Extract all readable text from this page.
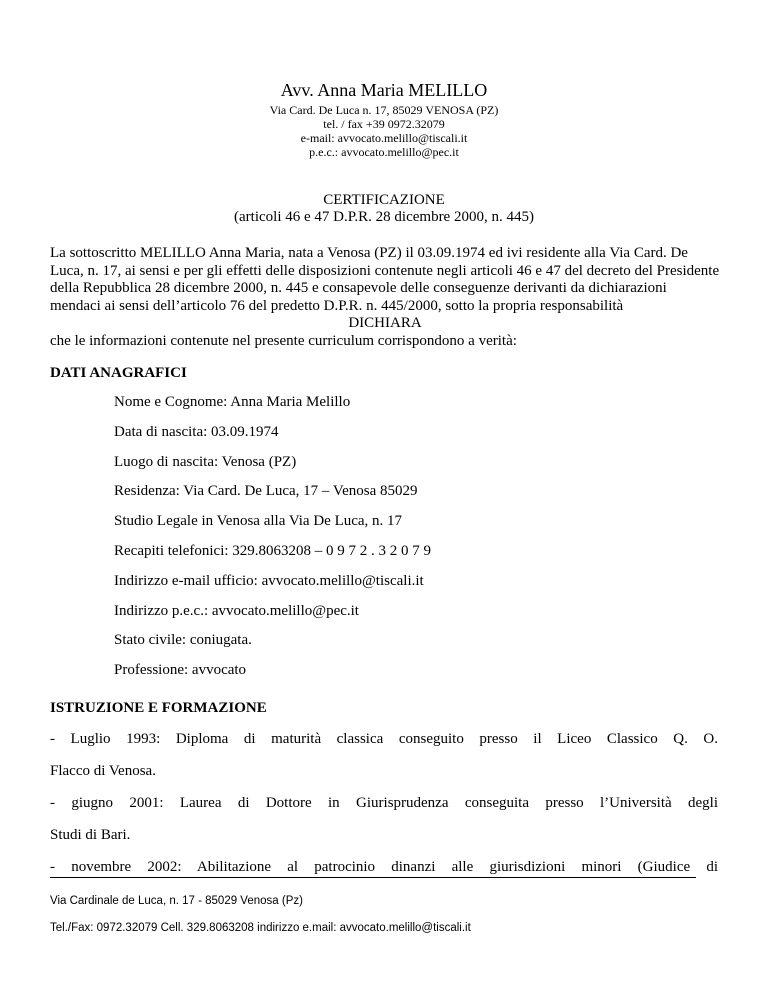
Avv. Anna Maria MELILLO
Via Card. De Luca n. 17, 85029 VENOSA (PZ)
tel. / fax +39 0972.32079
e-mail: avvocato.melillo@tiscali.it
p.e.c.: avvocato.melillo@pec.it
CERTIFICAZIONE
(articoli 46 e 47 D.P.R. 28 dicembre 2000, n. 445)

La sottoscritto MELILLO Anna Maria, nata a Venosa (PZ) il 03.09.1974 ed ivi residente alla Via Card. De Luca, n. 17, ai sensi e per gli effetti delle disposizioni contenute negli articoli 46 e 47 del decreto del Presidente della Repubblica 28 dicembre 2000, n. 445 e consapevole delle conseguenze derivanti da dichiarazioni mendaci ai sensi dell’articolo 76 del predetto D.P.R. n. 445/2000, sotto la propria responsabilità

DICHIARA

che le informazioni contenute nel presente curriculum corrispondono a verità:

DATI ANAGRAFICI
Nome e Cognome: Anna Maria Melillo
Data di nascita: 03.09.1974
Luogo di nascita: Venosa (PZ)
Residenza: Via Card. De Luca, 17 – Venosa 85029
Studio Legale in Venosa alla Via De Luca, n. 17
Recapiti telefonici: 329.8063208 – 0 9 7 2 . 3 2 0 7 9
Indirizzo e-mail ufficio: avvocato.melillo@tiscali.it
Indirizzo p.e.c.: avvocato.melillo@pec.it
Stato civile: coniugata.
Professione: avvocato
ISTRUZIONE E FORMAZIONE

- Luglio 1993: Diploma di maturità classica conseguito presso il Liceo Classico Q. O.

Flacco di Venosa.

- giugno 2001: Laurea di Dottore in Giurisprudenza conseguita presso l’Università degli

Studi di Bari.

- novembre 2002: Abilitazione al patrocinio dinanzi alle giurisdizioni minori (Giudice di

Via Cardinale de Luca, n. 17 - 85029 Venosa (Pz)
Tel./Fax: 0972.32079 Cell. 329.8063208 indirizzo e.mail: avvocato.melillo@tiscali.it
